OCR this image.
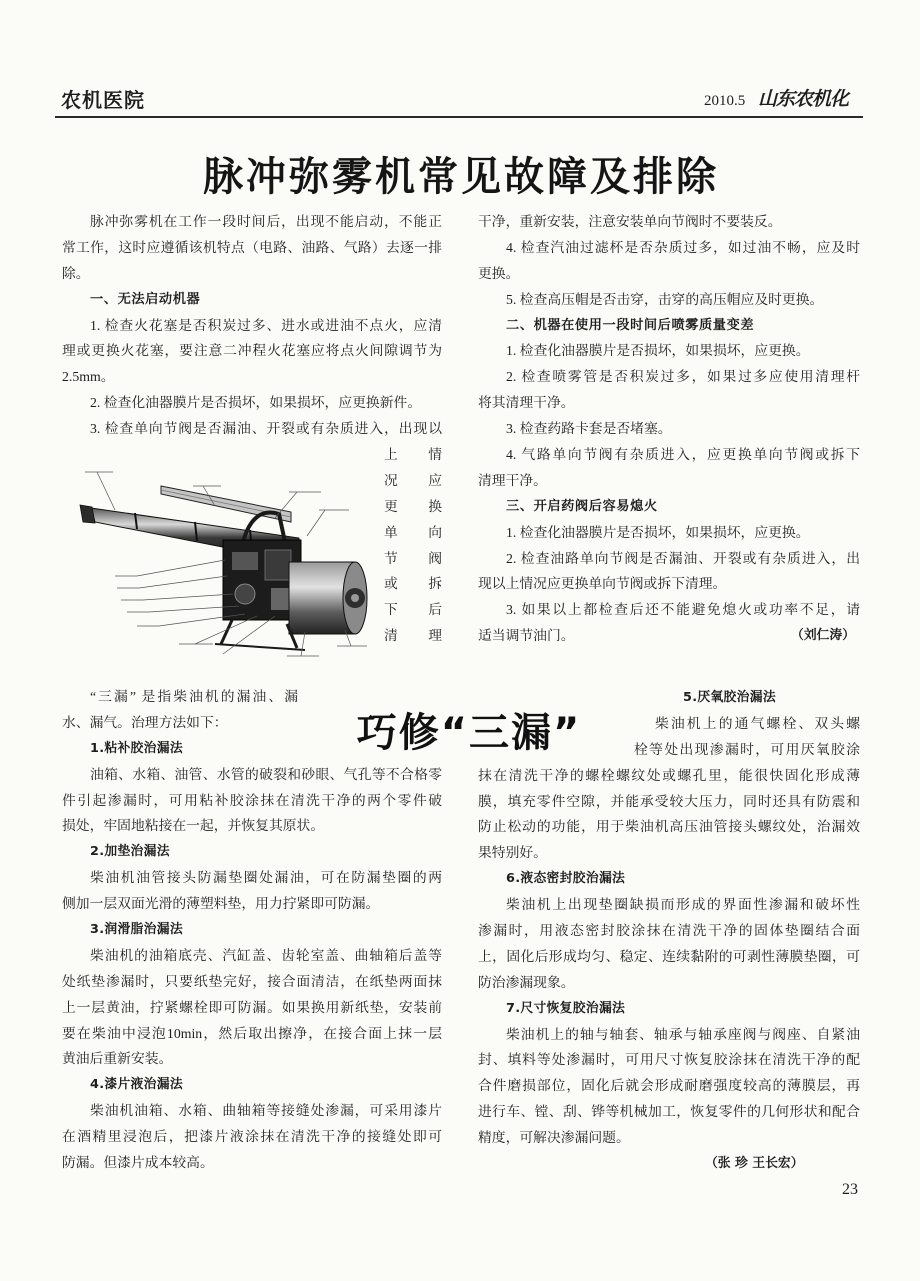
农机医院	2010.5 山东农机化
脉冲弥雾机常见故障及排除
脉冲弥雾机在工作一段时间后，出现不能启动，不能正
常工作，这时应遵循该机特点（电路、油路、气路）去逐一排
除。
一、无法启动机器
1. 检查火花塞是否积炭过多、进水或进油不点火，应清
理或更换火花塞，要注意二冲程火花塞应将点火间隙调节为
2.5mm。
2. 检查化油器膜片是否损坏，如果损坏，应更换新件。
3. 检查单向节阀是否漏油、开裂或有杂质进入，出现以
上情
况应
更换
单向
节阀
或拆
下后
清理
干净，重新安装，注意安装单向节阀时不要装反。
4. 检查汽油过滤杯是否杂质过多，如过油不畅，应及时
更换。
5. 检查高压帽是否击穿，击穿的高压帽应及时更换。
二、机器在使用一段时间后喷雾质量变差
1. 检查化油器膜片是否损坏，如果损坏，应更换。
2. 检查喷雾管是否积炭过多，如果过多应使用清理杆
将其清理干净。
3. 检查药路卡套是否堵塞。
4. 气路单向节阀有杂质进入，应更换单向节阀或拆下
清理干净。
三、开启药阀后容易熄火
1. 检查化油器膜片是否损坏，如果损坏，应更换。
2. 检查油路单向节阀是否漏油、开裂或有杂质进入，出
现以上情况应更换单向节阀或拆下清理。
3. 如果以上都检查后还不能避免熄火或功率不足，请
适当调节油门。	（刘仁涛）
巧修“三漏”
“三漏” 是指柴油机的漏油、漏
水、漏气。治理方法如下：
1.粘补胶治漏法
油箱、水箱、油管、水管的破裂和砂眼、气孔等不合格零
件引起渗漏时，可用粘补胶涂抹在清洗干净的两个零件破
损处，牢固地粘接在一起，并恢复其原状。
2.加垫治漏法
柴油机油管接头防漏垫圈处漏油，可在防漏垫圈的两
侧加一层双面光滑的薄塑料垫，用力拧紧即可防漏。
3.润滑脂治漏法
柴油机的油箱底壳、汽缸盖、齿轮室盖、曲轴箱后盖等
处纸垫渗漏时，只要纸垫完好，接合面清洁，在纸垫两面抹
上一层黄油，拧紧螺栓即可防漏。如果换用新纸垫，安装前
要在柴油中浸泡10min，然后取出擦净，在接合面上抹一层
黄油后重新安装。
4.漆片液治漏法
柴油机油箱、水箱、曲轴箱等接缝处渗漏，可采用漆片
在酒精里浸泡后，把漆片液涂抹在清洗干净的接缝处即可
防漏。但漆片成本较高。
5.厌氧胶治漏法
柴油机上的通气螺栓、双头螺
栓等处出现渗漏时，可用厌氧胶涂
抹在清洗干净的螺栓螺纹处或螺孔里，能很快固化形成薄
膜，填充零件空隙，并能承受较大压力，同时还具有防震和
防止松动的功能，用于柴油机高压油管接头螺纹处，治漏效
果特别好。
6.液态密封胶治漏法
柴油机上出现垫圈缺损而形成的界面性渗漏和破坏性
渗漏时，用液态密封胶涂抹在清洗干净的固体垫圈结合面
上，固化后形成均匀、稳定、连续黏附的可剥性薄膜垫圈，可
防治渗漏现象。
7.尺寸恢复胶治漏法
柴油机上的轴与轴套、轴承与轴承座阀与阀座、自紧油
封、填料等处渗漏时，可用尺寸恢复胶涂抹在清洗干净的配
合件磨损部位，固化后就会形成耐磨强度较高的薄膜层，再
进行车、镗、刮、铧等机械加工，恢复零件的几何形状和配合
精度，可解决渗漏问题。
（张 珍 王长宏）
23
